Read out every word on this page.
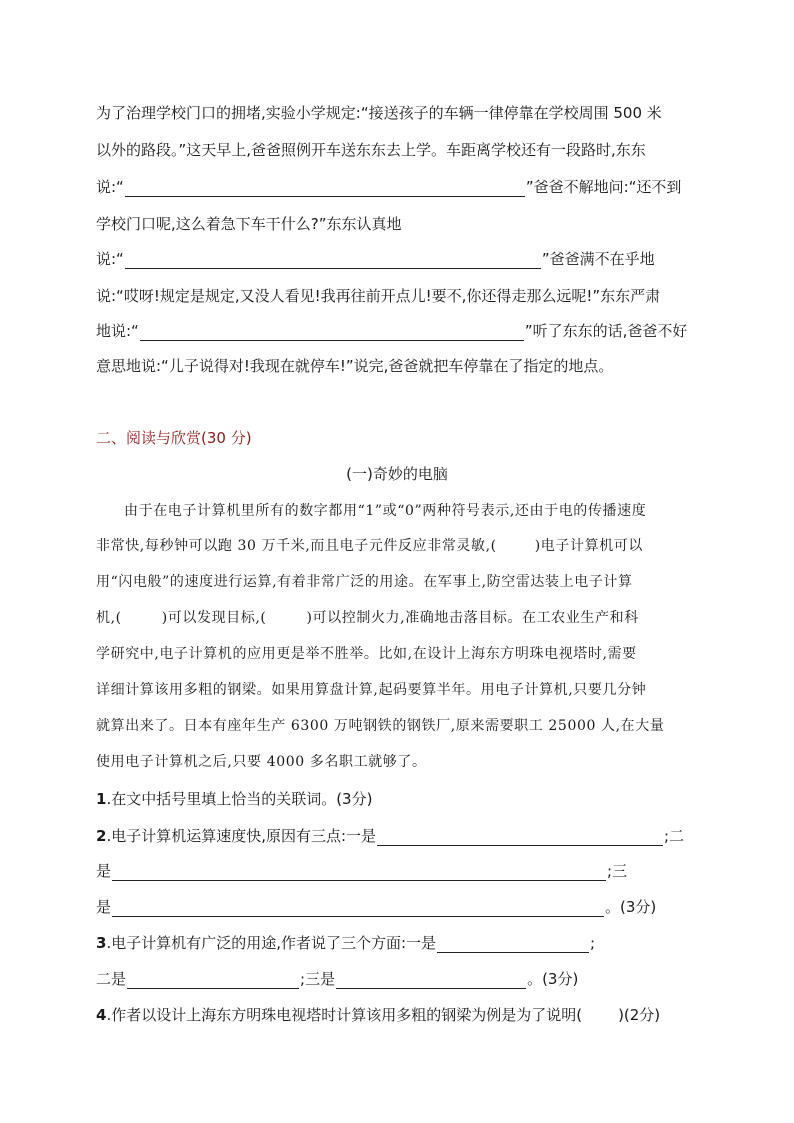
为了治理学校门口的拥堵,实验小学规定:“接送孩子的车辆一律停靠在学校周围 500 米
以外的路段。”这天早上,爸爸照例开车送东东去上学。车距离学校还有一段路时,东东
说:“	”爸爸不解地问:“还不到
学校门口呢,这么着急下车干什么?”东东认真地
说:“	”爸爸满不在乎地
说:“哎呀!规定是规定,又没人看见!我再往前开点儿!要不,你还得走那么远呢!”东东严肃
地说:“	”听了东东的话,爸爸不好
意思地说:“儿子说得对!我现在就停车!”说完,爸爸就把车停靠在了指定的地点。
二、阅读与欣赏(30 分)
(一)奇妙的电脑
由于在电子计算机里所有的数字都用“1”或“0”两种符号表示,还由于电的传播速度
非常快,每秒钟可以跑 30 万千米,而且电子元件反应非常灵敏,(	)电子计算机可以
用“闪电般”的速度进行运算,有着非常广泛的用途。在军事上,防空雷达装上电子计算
机,(	)可以发现目标,(	)可以控制火力,准确地击落目标。在工农业生产和科
学研究中,电子计算机的应用更是举不胜举。比如,在设计上海东方明珠电视塔时,需要
详细计算该用多粗的钢梁。如果用算盘计算,起码要算半年。用电子计算机,只要几分钟
就算出来了。日本有座年生产 6300 万吨钢铁的钢铁厂,原来需要职工 25000 人,在大量
使用电子计算机之后,只要 4000 多名职工就够了。
1 .在文中括号里填上恰当的关联词。(3分)
2 .电子计算机运算速度快,原因有三点:一是	;二
是	;三
是	。(3分)
3 .电子计算机有广泛的用途,作者说了三个方面:一是	;
二是	;三是	。(3分)
4 .作者以设计上海东方明珠电视塔时计算该用多粗的钢梁为例是为了说明( )(2分)
